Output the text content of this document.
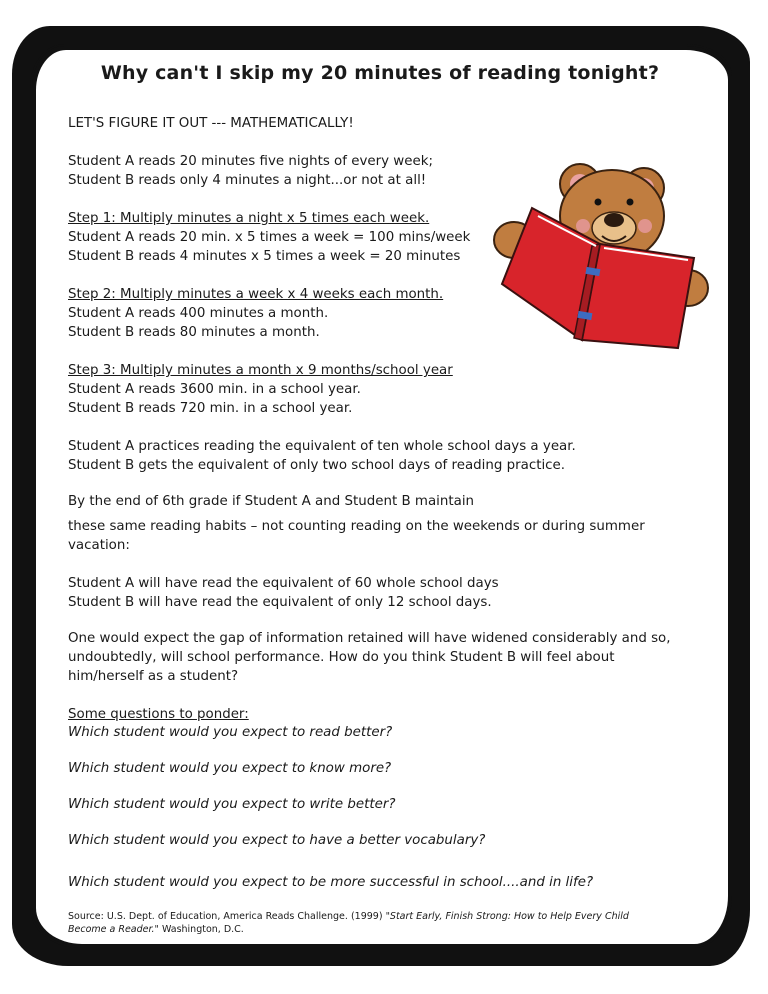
Why can't I skip my 20 minutes of reading tonight?
LET'S FIGURE IT OUT --- MATHEMATICALLY!
Student A reads 20 minutes five nights of every week;
Student B reads only 4 minutes a night...or not at all!
Step 1: Multiply minutes a night x 5 times each week.
Student A reads 20 min. x 5 times a week = 100 mins/week
Student B reads 4 minutes x 5 times a week = 20 minutes
Step 2: Multiply minutes a week x 4 weeks each month.
Student A reads 400 minutes a month.
Student B reads 80 minutes a month.
Step 3: Multiply minutes a month x 9 months/school year
Student A reads 3600 min. in a school year.
Student B reads 720 min. in a school year.
Student A practices reading the equivalent of ten whole school days a year.
Student B gets the equivalent of only two school days of reading practice.
By the end of 6th grade if Student A and Student B maintain
these same reading habits – not counting reading on the weekends or during summer vacation:
Student A will have read the equivalent of 60 whole school days
Student B will have read the equivalent of only 12 school days.
One would expect the gap of information retained will have widened considerably and so, undoubtedly, will school performance. How do you think Student B will feel about him/herself as a student?
Some questions to ponder:
Which student would you expect to read better?
Which student would you expect to know more?
Which student would you expect to write better?
Which student would you expect to have a better vocabulary?
Which student would you expect to be more successful in school....and in life?
Source: U.S. Dept. of Education, America Reads Challenge. (1999) "Start Early, Finish Strong: How to Help Every Child Become a Reader." Washington, D.C.
